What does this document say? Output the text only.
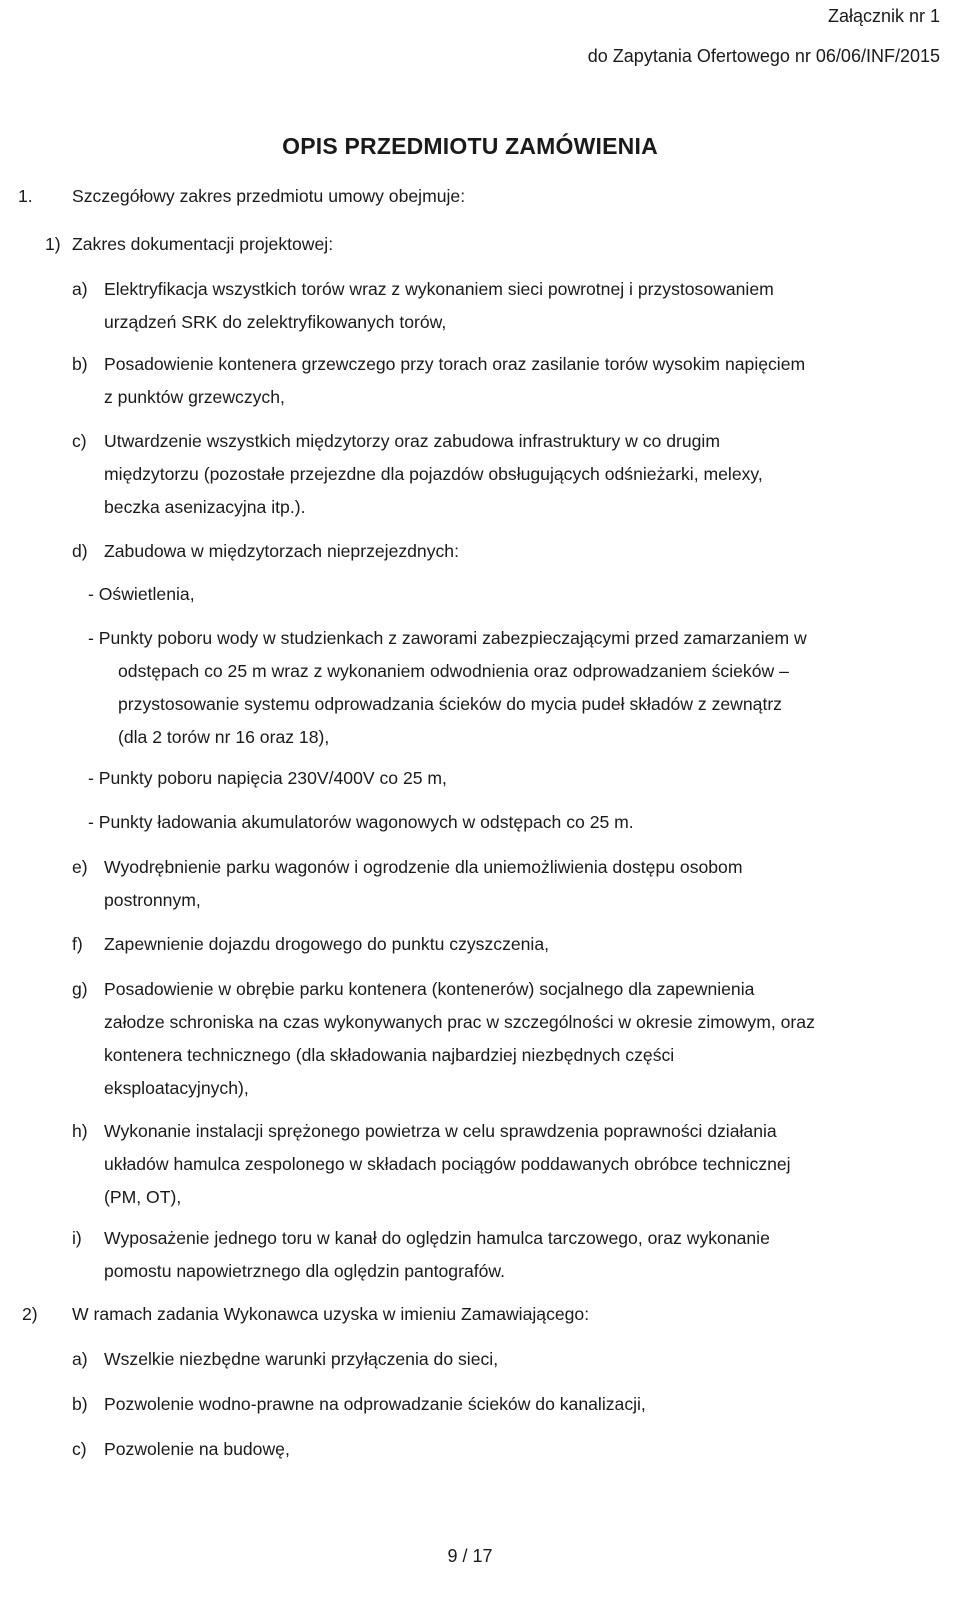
Załącznik nr 1
do Zapytania Ofertowego nr 06/06/INF/2015
OPIS PRZEDMIOTU ZAMÓWIENIA
1. Szczegółowy zakres przedmiotu umowy obejmuje:
1) Zakres dokumentacji projektowej:
a) Elektryfikacja wszystkich torów wraz z wykonaniem sieci powrotnej i przystosowaniem
urządzeń SRK do zelektryfikowanych torów,
b) Posadowienie kontenera grzewczego przy torach oraz zasilanie torów wysokim napięciem
z punktów grzewczych,
c) Utwardzenie wszystkich międzytorzy oraz zabudowa infrastruktury w co drugim
międzytorzu (pozostałe przejezdne dla pojazdów obsługujących odśnieżarki, melexy,
beczka asenizacyjna itp.).
d) Zabudowa w międzytorzach nieprzejezdnych:
- Oświetlenia,
- Punkty poboru wody w studzienkach z zaworami zabezpieczającymi przed zamarzaniem w
odstępach co 25 m wraz z wykonaniem odwodnienia oraz odprowadzaniem ścieków –
przystosowanie systemu odprowadzania ścieków do mycia pudeł składów z zewnątrz
(dla 2 torów nr 16 oraz 18),
- Punkty poboru napięcia 230V/400V co 25 m,
- Punkty ładowania akumulatorów wagonowych w odstępach co 25 m.
e) Wyodrębnienie parku wagonów i ogrodzenie dla uniemożliwienia dostępu osobom
postronnym,
f) Zapewnienie dojazdu drogowego do punktu czyszczenia,
g) Posadowienie w obrębie parku kontenera (kontenerów) socjalnego dla zapewnienia
załodze schroniska na czas wykonywanych prac w szczególności w okresie zimowym, oraz
kontenera technicznego (dla składowania najbardziej niezbędnych części
eksploatacyjnych),
h) Wykonanie instalacji sprężonego powietrza w celu sprawdzenia poprawności działania
układów hamulca zespolonego w składach pociągów poddawanych obróbce technicznej
(PM, OT),
i) Wyposażenie jednego toru w kanał do oględzin hamulca tarczowego, oraz wykonanie
pomostu napowietrznego dla oględzin pantografów.
2) W ramach zadania Wykonawca uzyska w imieniu Zamawiającego:
a) Wszelkie niezbędne warunki przyłączenia do sieci,
b) Pozwolenie wodno-prawne na odprowadzanie ścieków do kanalizacji,
c) Pozwolenie na budowę,
9 / 17
